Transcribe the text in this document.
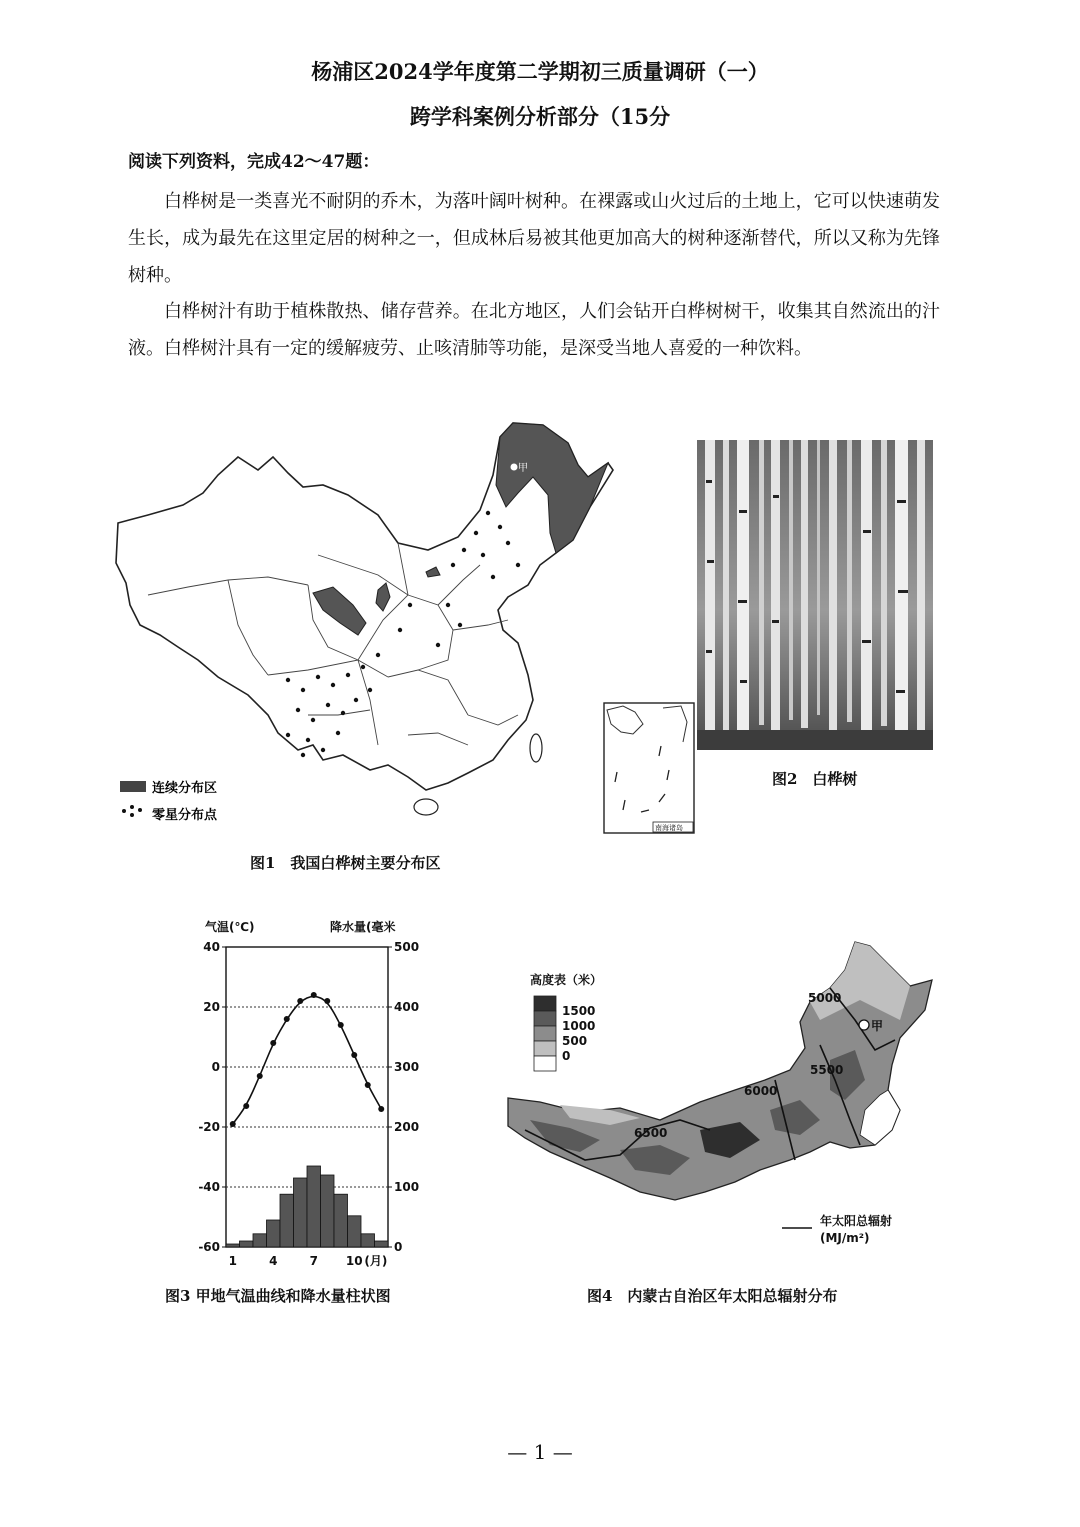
杨浦区2024学年度第二学期初三质量调研（一）
跨学科案例分析部分（15分
阅读下列资料，完成42～47题：

白桦树是一类喜光不耐阴的乔木，为落叶阔叶树种。在裸露或山火过后的土地上，它可以快速萌发生长，成为最先在这里定居的树种之一，但成林后易被其他更加高大的树种逐渐替代，所以又称为先锋树种。

白桦树汁有助于植株散热、储存营养。在北方地区，人们会钻开白桦树树干，收集其自然流出的汁液。白桦树汁具有一定的缓解疲劳、止咳清肺等功能，是深受当地人喜爱的一种饮料。

甲
连续分布区
零星分布点
南海诸岛
图1　我国白桦树主要分布区
图2　白桦树
气温(℃)	降水量(毫米
40
20
0
-20
-40
-60
500
400
300
200
100
0
1	4	7 10 (月)
图3 甲地气温曲线和降水量柱状图
高度表（米）
1500
1000
500
0
5000
5500
6000
6500
甲
年太阳总辐射
(MJ/m²)
图4　内蒙古自治区年太阳总辐射分布
— 1 —
